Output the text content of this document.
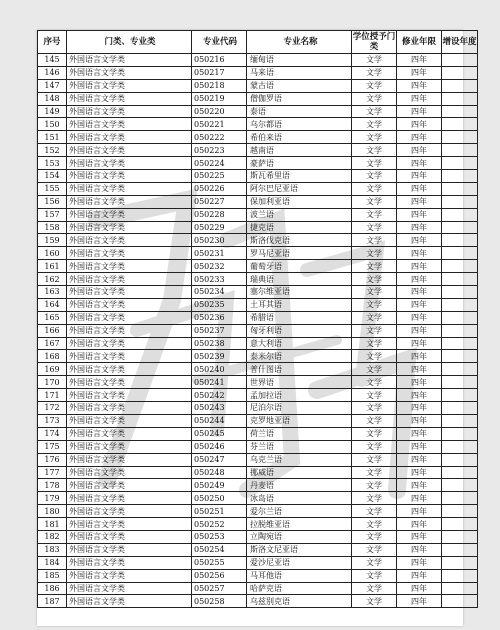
序号	门类、专业类	专业代码	专业名称	学位授予门类	修业年限	增设年度
145	外国语言文学类	050216	缅甸语	文学	四年	
146	外国语言文学类	050217	马来语	文学	四年	
147	外国语言文学类	050218	蒙古语	文学	四年	
148	外国语言文学类	050219	僧伽罗语	文学	四年	
149	外国语言文学类	050220	泰语	文学	四年	
150	外国语言文学类	050221	乌尔都语	文学	四年	
151	外国语言文学类	050222	希伯来语	文学	四年	
152	外国语言文学类	050223	越南语	文学	四年	
153	外国语言文学类	050224	豪萨语	文学	四年	
154	外国语言文学类	050225	斯瓦希里语	文学	四年	
155	外国语言文学类	050226	阿尔巴尼亚语	文学	四年	
156	外国语言文学类	050227	保加利亚语	文学	四年	
157	外国语言文学类	050228	波兰语	文学	四年	
158	外国语言文学类	050229	捷克语	文学	四年	
159	外国语言文学类	050230	斯洛伐克语	文学	四年	
160	外国语言文学类	050231	罗马尼亚语	文学	四年	
161	外国语言文学类	050232	葡萄牙语	文学	四年	
162	外国语言文学类	050233	瑞典语	文学	四年	
163	外国语言文学类	050234	塞尔维亚语	文学	四年	
164	外国语言文学类	050235	土耳其语	文学	四年	
165	外国语言文学类	050236	希腊语	文学	四年	
166	外国语言文学类	050237	匈牙利语	文学	四年	
167	外国语言文学类	050238	意大利语	文学	四年	
168	外国语言文学类	050239	泰米尔语	文学	四年	
169	外国语言文学类	050240	普什图语	文学	四年	
170	外国语言文学类	050241	世界语	文学	四年	
171	外国语言文学类	050242	孟加拉语	文学	四年	
172	外国语言文学类	050243	尼泊尔语	文学	四年	
173	外国语言文学类	050244	克罗地亚语	文学	四年	
174	外国语言文学类	050245	荷兰语	文学	四年	
175	外国语言文学类	050246	芬兰语	文学	四年	
176	外国语言文学类	050247	乌克兰语	文学	四年	
177	外国语言文学类	050248	挪威语	文学	四年	
178	外国语言文学类	050249	丹麦语	文学	四年	
179	外国语言文学类	050250	冰岛语	文学	四年	
180	外国语言文学类	050251	爱尔兰语	文学	四年	
181	外国语言文学类	050252	拉脱维亚语	文学	四年	
182	外国语言文学类	050253	立陶宛语	文学	四年	
183	外国语言文学类	050254	斯洛文尼亚语	文学	四年	
184	外国语言文学类	050255	爱沙尼亚语	文学	四年	
185	外国语言文学类	050256	马耳他语	文学	四年	
186	外国语言文学类	050257	哈萨克语	文学	四年	
187	外国语言文学类	050258	乌兹别克语	文学	四年	
